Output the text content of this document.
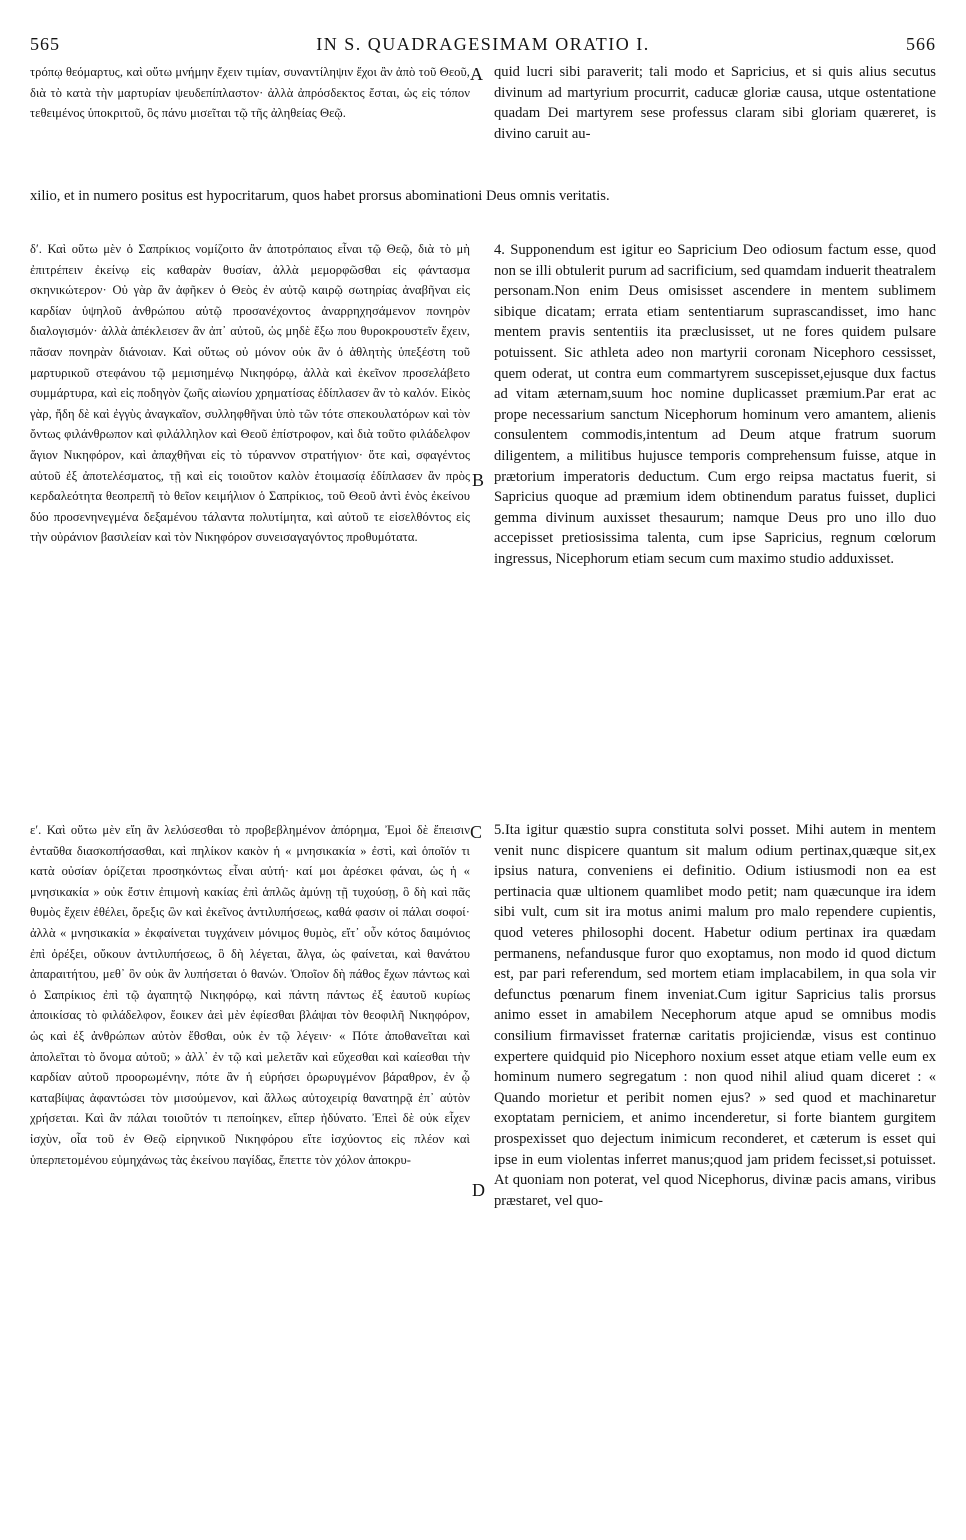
565	IN S. QUADRAGESIMAM ORATIO I.	566
τρόπῳ θεόμαρτυς, καὶ οὕτω μνήμην ἔχειν τιμίαν, συναντίληψιν ἔχοι ἂν ἀπὸ τοῦ Θεοῦ, διὰ τὸ κατὰ τὴν μαρτυρίαν ψευδεπίπλαστον· ἀλλὰ ἀπρόσδεκτος ἔσται, ὡς εἰς τόπον τεθειμένος ὑποκριτοῦ, ὃς πάνυ μισεῖται τῷ τῆς ἀληθείας Θεῷ.
A quid lucri sibi paraverit; tali modo et Sapricius, et si quis alius secutus divinum ad martyrium procurrit, caducæ gloriæ causa, utque ostentatione quadam Dei martyrem sese professus claram sibi gloriam quæreret, is divino caruit au-
xilio, et in numero positus est hypocritarum, quos habet prorsus abominationi Deus omnis veritatis.
δʹ. Καὶ οὕτω μὲν ὁ Σαπρίκιος νομίζοιτο ἂν ἀποτρόπαιος εἶναι τῷ Θεῷ, διὰ τὸ μὴ ἐπιτρέπειν ἐκείνῳ εἰς καθαρὰν θυσίαν, ἀλλὰ μεμορφῶσθαι εἰς φάντασμα σκηνικώτερον· Οὐ γὰρ ἂν ἀφῆκεν ὁ Θεὸς ἐν αὐτῷ καιρῷ σωτηρίας ἀναβῆναι εἰς καρδίαν ὑψηλοῦ ἀνθρώπου αὐτῷ προσανέχοντος ἀναρρηχησάμενον πονηρὸν διαλογισμόν· ἀλλὰ ἀπέκλεισεν ἂν ἀπ᾽ αὐτοῦ, ὡς μηδὲ ἔξω που θυροκρουστεῖν ἔχειν, πᾶσαν πονηρὰν διάνοιαν. Καὶ οὕτως οὐ μόνον οὐκ ἂν ὁ ἀθλητὴς ὑπεξέστη τοῦ μαρτυρικοῦ στεφάνου τῷ μεμισημένῳ Νικηφόρῳ, ἀλλὰ καὶ ἐκεῖνον προσελάβετο συμμάρτυρα, καὶ εἰς ποδηγὸν ζωῆς αἰωνίου χρηματίσας ἐδίπλασεν ἂν τὸ καλόν. Εἰκὸς γὰρ, ἤδη δὲ καὶ ἐγγὺς ἀναγκαῖον, συλληφθῆναι ὑπὸ τῶν τότε σπεκουλατόρων καὶ τὸν ὄντως φιλάνθρωπον καὶ φιλάλληλον καὶ Θεοῦ ἐπίστροφον, καὶ διὰ τοῦτο φιλάδελφον ἅγιον Νικηφόρον, καὶ ἀπαχθῆναι εἰς τὸ τύραννον στρατήγιον· ὅτε καὶ, σφαγέντος αὐτοῦ ἐξ ἀποτελέσματος, τῇ καὶ εἰς τοιοῦτον καλὸν ἑτοιμασίᾳ ἐδίπλασεν ἂν πρὸς κερδαλεότητα θεοπρεπῆ τὸ θεῖον κειμήλιον ὁ Σαπρίκιος, τοῦ Θεοῦ ἀντὶ ἑνὸς ἐκείνου δύο προσενηνεγμένα δεξαμένου τάλαντα πολυτίμητα, καὶ αὐτοῦ τε εἰσελθόντος εἰς τὴν οὐράνιον βασιλείαν καὶ τὸν Νικηφόρον συνεισαγαγόντος προθυμότατα.
B
4. Supponendum est igitur eo Sapricium Deo odiosum factum esse, quod non se illi obtulerit purum ad sacrificium, sed quamdam induerit theatralem personam.Non enim Deus omisisset ascendere in mentem sublimem sibique dicatam; errata etiam sententiarum suprascandisset, imo hanc mentem pravis sententiis ita præclusisset, ut ne fores quidem pulsare potuissent. Sic athleta adeo non martyrii coronam Nicephoro cessisset, quem oderat, ut contra eum commartyrem suscepisset,ejusque dux factus ad vitam æternam,suum hoc nomine duplicasset præmium.Par erat ac prope necessarium sanctum Nicephorum hominum vero amantem, alienis consulentem commodis,intentum ad Deum atque fratrum suorum diligentem, a militibus hujusce temporis comprehensum fuisse, atque in prætorium imperatoris deductum. Cum ergo reipsa mactatus fuerit, si Sapricius quoque ad præmium idem obtinendum paratus fuisset, duplici gemma divinum auxisset thesaurum; namque Deus pro uno illo duo accepisset pretiosissima talenta, cum ipse Sapricius, regnum cœlorum ingressus, Nicephorum etiam secum cum maximo studio adduxisset.
εʹ. Καὶ οὕτω μὲν εἴη ἂν λελύσεσθαι τὸ προβεβλημένον ἀπόρημα, Ἐμοὶ δὲ ἔπεισιν ἐνταῦθα διασκοπήσασθαι, καὶ πηλίκον κακὸν ἡ « μνησικακία » ἐστὶ, καὶ ὁποῖόν τι κατὰ οὐσίαν ὁρίζεται προσηκόντως εἶναι αὐτή· καί μοι ἀρέσκει φάναι, ὡς ἡ « μνησικακία » οὐκ ἔστιν ἐπιμονὴ κακίας ἐπὶ ἁπλῶς ἀμύνῃ τῇ τυχούσῃ, ὃ δὴ καὶ πᾶς θυμὸς ἔχειν ἐθέλει, ὄρεξις ὢν καὶ ἐκεῖνος ἀντιλυπήσεως, καθά φασιν οἱ πάλαι σοφοί· ἀλλὰ « μνησικακία » ἐκφαίνεται τυγχάνειν μόνιμος θυμὸς, εἴτ᾽ οὖν κότος δαιμόνιος ἐπὶ ὀρέξει, οὔκουν ἀντιλυπήσεως, ὃ δὴ λέγεται, ἄλγα, ὡς φαίνεται, καὶ θανάτου ἀπαραιτήτου, μεθ᾽ ὃν οὐκ ἂν λυπήσεται ὁ θανών. Ὁποῖον δὴ πάθος ἔχων πάντως καὶ ὁ Σαπρίκιος ἐπὶ τῷ ἀγαπητῷ Νικηφόρῳ, καὶ πάντη πάντως ἐξ ἑαυτοῦ κυρίως ἀποικίσας τὸ φιλάδελφον, ἔοικεν ἀεὶ μὲν ἐφίεσθαι βλάψαι τὸν θεοφιλῆ Νικηφόρον, ὡς καὶ ἐξ ἀνθρώπων αὐτὸν ἔθσθαι, οὐκ ἐν τῷ λέγειν· « Πότε ἀποθανεῖται καὶ ἀπολεῖται τὸ ὄνομα αὐτοῦ; » ἀλλ᾽ ἐν τῷ καὶ μελετᾶν καὶ εὔχεσθαι καὶ καίεσθαι τὴν καρδίαν αὐτοῦ προορωμένην, πότε ἂν ἡ εὑρήσει ὀρωρυγμένον βάραθρον, ἐν ᾧ καταβίψας ἀφαντώσει τὸν μισούμενον, καὶ ἄλλως αὐτοχειρίᾳ θανατηρᾷ ἐπ᾽ αὐτὸν χρήσεται. Καὶ ἂν πάλαι τοιοῦτόν τι πεποίηκεν, εἴπερ ἠδύνατο. Ἐπεὶ δὲ οὐκ εἶχεν ἰσχὺν, οἷα τοῦ ἐν Θεῷ εἰρηνικοῦ Νικηφόρου εἴτε ἰσχύοντος εἰς πλέον καὶ ὑπερπετομένου εὐμηχάνως τὰς ἐκείνου παγίδας, ἔπεττε τὸν χόλον ἀποκρυ-
C
D
5.Ita igitur quæstio supra constituta solvi posset. Mihi autem in mentem venit nunc dispicere quantum sit malum odium pertinax,quæque sit,ex ipsius natura, conveniens ei definitio. Odium istiusmodi non ea est pertinacia quæ ultionem quamlibet modo petit; nam quæcunque ira idem sibi vult, cum sit ira motus animi malum pro malo rependere cupientis, quod veteres philosophi docent. Habetur odium pertinax ira quædam permanens, nefandusque furor quo exoptamus, non modo id quod dictum est, par pari referendum, sed mortem etiam implacabilem, in qua sola vir defunctus pœnarum finem inveniat.Cum igitur Sapricius talis prorsus animo esset in amabilem Necephorum atque apud se omnibus modis consilium firmavisset fraternæ caritatis projiciendæ, visus est continuo expertere quidquid pio Nicephoro noxium esset atque etiam velle eum ex hominum numero segregatum : non quod nihil aliud quam diceret : « Quando morietur et peribit nomen ejus? » sed quod et machinaretur exoptatam perniciem, et animo incenderetur, si forte biantem gurgitem prospexisset quo dejectum inimicum reconderet, et cæterum is esset qui ipse in eum violentas inferret manus;quod jam pridem fecisset,si potuisset. At quoniam non poterat, vel quod Nicephorus, divinæ pacis amans, viribus præstaret, vel quo-
